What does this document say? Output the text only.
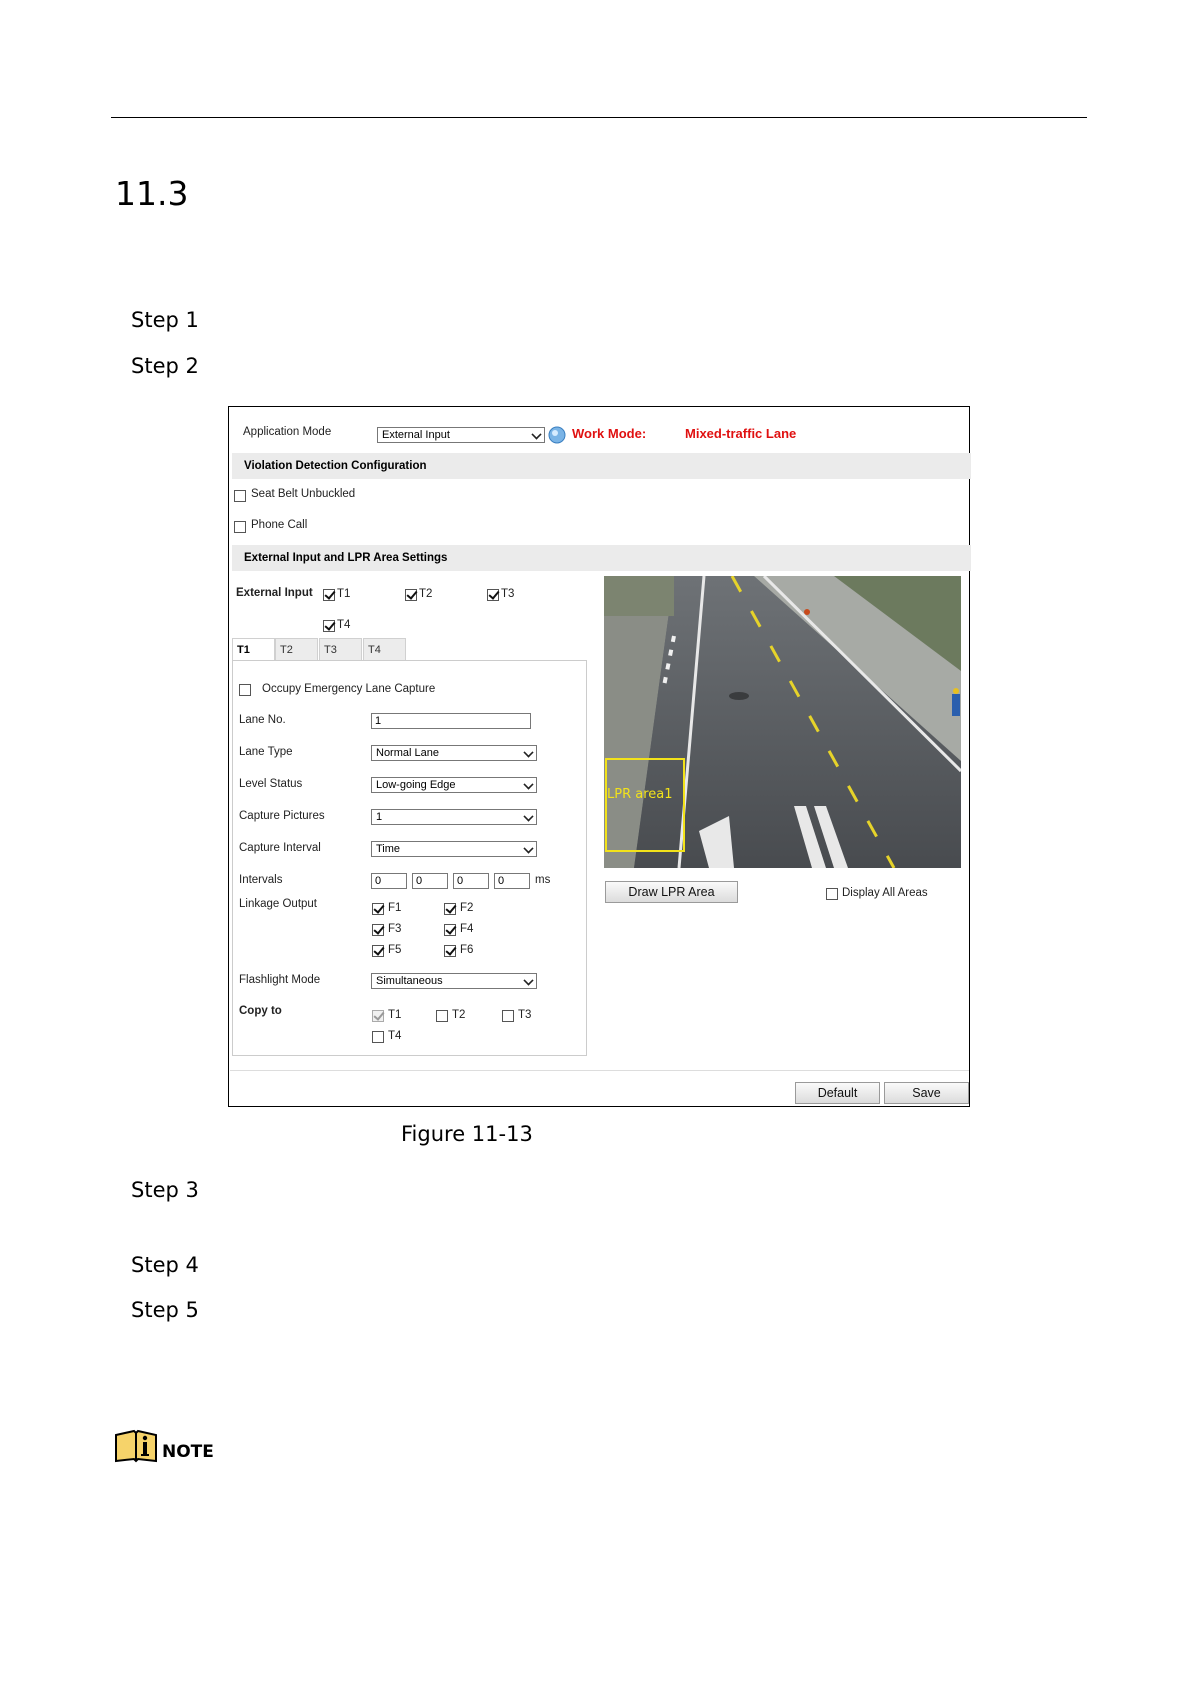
11.3
Step 1
Step 2
Application Mode	External Input	Work Mode:	Mixed-traffic Lane
Violation Detection Configuration
Seat Belt Unbuckled
Phone Call
External Input and LPR Area Settings
External Input T1	T2	T3
T4
T1	T2	T3	T4
Occupy Emergency Lane Capture
Lane No.	1
Lane Type	Normal Lane
Level Status	Low-going Edge
Capture Pictures	1
Capture Interval	Time
Intervals	0	0	0	0	ms
Linkage Output	F1	F2
F3	F4
F5	F6
Flashlight Mode	Simultaneous
Copy to	T1	T2	T3
T4
LPR area1
Draw LPR Area	Display All Areas
Default	Save
Figure 11-13
Step 3
Step 4
Step 5
NOTE
